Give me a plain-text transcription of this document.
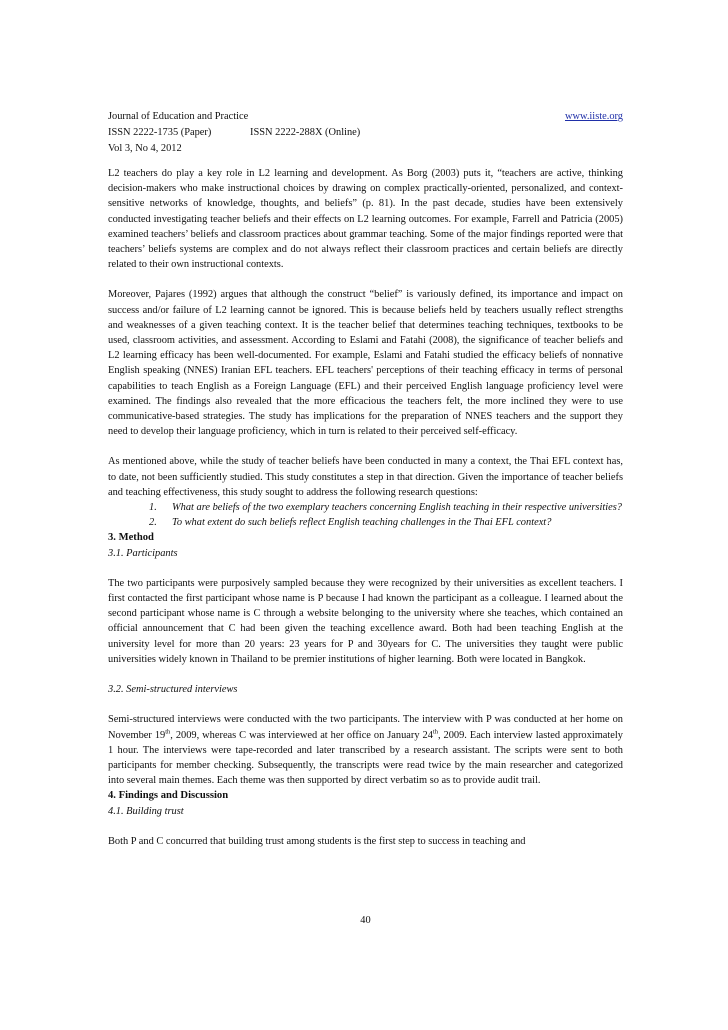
Journal of Education and Practice	www.iiste.org
ISSN 2222-1735 (Paper)	ISSN 2222-288X (Online)
Vol 3, No 4, 2012

L2 teachers do play a key role in L2 learning and development. As Borg (2003) puts it, “teachers are active, thinking decision-makers who make instructional choices by drawing on complex practically-oriented, personalized, and context-sensitive networks of knowledge, thoughts, and beliefs” (p. 81). In the past decade, studies have been extensively conducted investigating teacher beliefs and their effects on L2 learning outcomes. For example, Farrell and Patricia (2005) examined teachers’ beliefs and classroom practices about grammar teaching. Some of the major findings reported were that teachers’ beliefs systems are complex and do not always reflect their classroom practices and certain beliefs are directly related to their own instructional contexts.

Moreover, Pajares (1992) argues that although the construct “belief” is variously defined, its importance and impact on success and/or failure of L2 learning cannot be ignored. This is because beliefs held by teachers usually reflect strengths and weaknesses of a given teaching context. It is the teacher belief that determines teaching techniques, textbooks to be used, classroom activities, and assessment. According to Eslami and Fatahi (2008), the significance of teacher beliefs and L2 learning efficacy has been well-documented. For example, Eslami and Fatahi studied the efficacy beliefs of nonnative English speaking (NNES) Iranian EFL teachers. EFL teachers' perceptions of their teaching efficacy in terms of personal capabilities to teach English as a Foreign Language (EFL) and their perceived English language proficiency level were examined. The findings also revealed that the more efficacious the teachers felt, the more inclined they were to use communicative-based strategies. The study has implications for the preparation of NNES teachers and the support they need to develop their language proficiency, which in turn is related to their perceived self-efficacy.

As mentioned above, while the study of teacher beliefs have been conducted in many a context, the Thai EFL context has, to date, not been sufficiently studied. This study constitutes a step in that direction. Given the importance of teacher beliefs and teaching effectiveness, this study sought to address the following research questions:

1.	What are beliefs of the two exemplary teachers concerning English teaching in their respective universities?
2.	To what extent do such beliefs reflect English teaching challenges in the Thai EFL context?
3. Method
3.1. Participants

The two participants were purposively sampled because they were recognized by their universities as excellent teachers. I first contacted the first participant whose name is P because I had known the participant as a colleague. I learned about the second participant whose name is C through a website belonging to the university where she teaches, which contained an official announcement that C had been given the teaching excellence award. Both had been teaching English at the university level for more than 20 years: 23 years for P and 30years for C. The universities they taught were public universities widely known in Thailand to be premier institutions of higher learning. Both were located in Bangkok.

3.2. Semi-structured interviews

Semi-structured interviews were conducted with the two participants. The interview with P was conducted at her home on November 19th, 2009, whereas C was interviewed at her office on January 24th, 2009. Each interview lasted approximately 1 hour. The interviews were tape-recorded and later transcribed by a research assistant. The scripts were sent to both participants for member checking. Subsequently, the transcripts were read twice by the main researcher and categorized into several main themes. Each theme was then supported by direct verbatim so as to provide audit trail.

4. Findings and Discussion
4.1. Building trust

Both P and C concurred that building trust among students is the first step to success in teaching and

40
